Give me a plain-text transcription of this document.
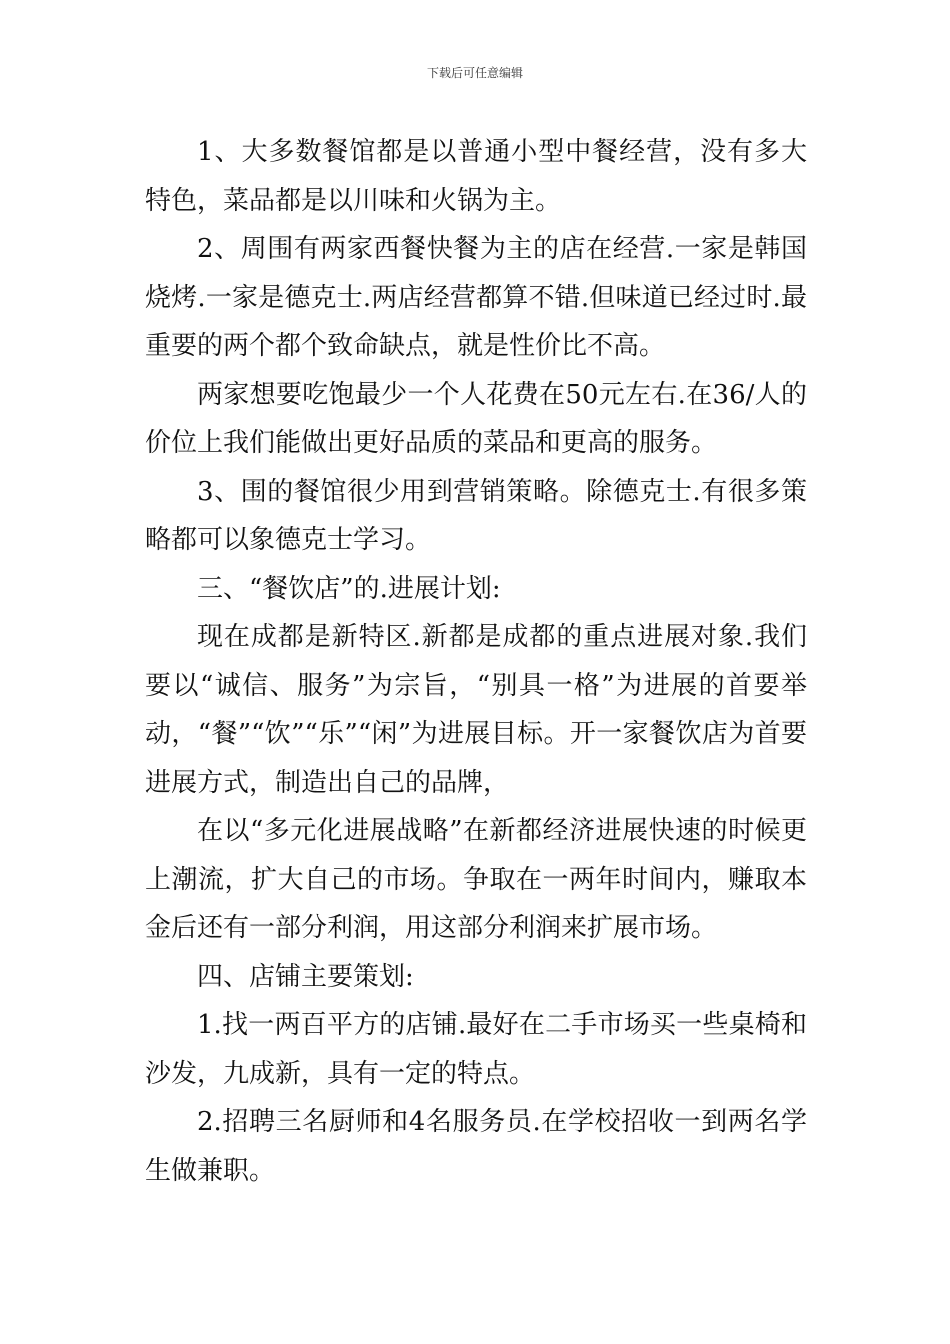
下载后可任意编辑

1、大多数餐馆都是以普通小型中餐经营，没有多大特色，菜品都是以川味和火锅为主。

2、周围有两家西餐快餐为主的店在经营.一家是韩国烧烤.一家是德克士.两店经营都算不错.但味道已经过时.最重要的两个都个致命缺点，就是性价比不高。

两家想要吃饱最少一个人花费在50元左右.在36/人的价位上我们能做出更好品质的菜品和更高的服务。

3、围的餐馆很少用到营销策略。除德克士.有很多策略都可以象德克士学习。

三、“餐饮店”的.进展计划:

现在成都是新特区.新都是成都的重点进展对象.我们要以“诚信、服务”为宗旨，“别具一格”为进展的首要举动，“餐”“饮”“乐”“闲”为进展目标。开一家餐饮店为首要进展方式，制造出自己的品牌，

在以“多元化进展战略”在新都经济进展快速的时候更上潮流，扩大自己的市场。争取在一两年时间内，赚取本金后还有一部分利润，用这部分利润来扩展市场。

四、店铺主要策划:

1.找一两百平方的店铺.最好在二手市场买一些桌椅和沙发，九成新，具有一定的特点。

2.招聘三名厨师和4名服务员.在学校招收一到两名学生做兼职。
